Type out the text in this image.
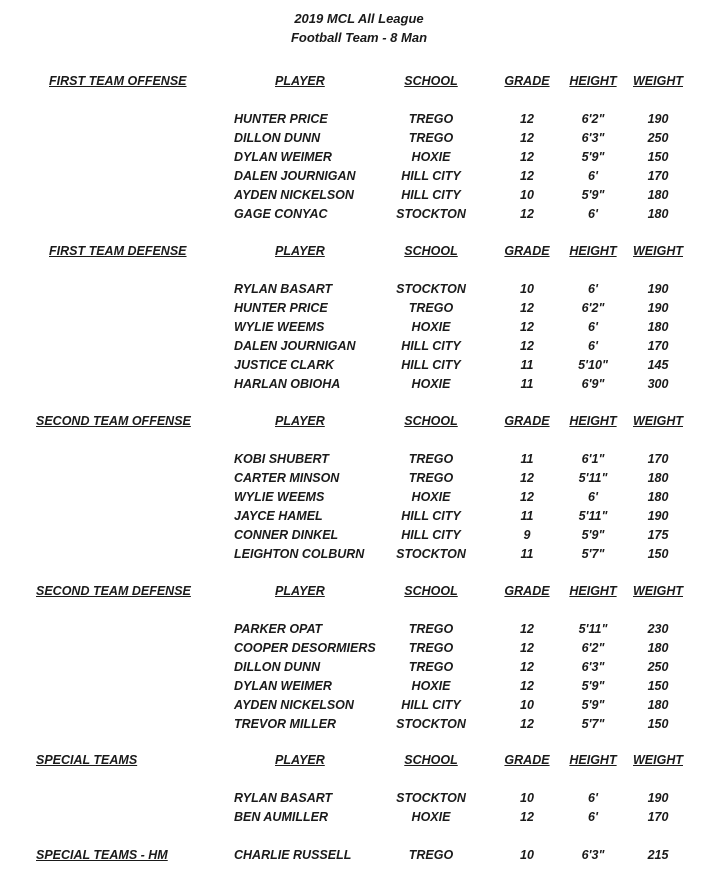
2019 MCL All League
Football Team - 8 Man
FIRST TEAM OFFENSE	PLAYER	SCHOOL	GRADE	HEIGHT	WEIGHT
HUNTER PRICE	TREGO	12	6'2"	190
DILLON DUNN	TREGO	12	6'3"	250
DYLAN WEIMER	HOXIE	12	5'9"	150
DALEN JOURNIGAN	HILL CITY	12	6'	170
AYDEN NICKELSON	HILL CITY	10	5'9"	180
GAGE CONYAC	STOCKTON	12	6'	180
FIRST TEAM DEFENSE	PLAYER	SCHOOL	GRADE	HEIGHT	WEIGHT
RYLAN BASART	STOCKTON	10	6'	190
HUNTER PRICE	TREGO	12	6'2"	190
WYLIE WEEMS	HOXIE	12	6'	180
DALEN JOURNIGAN	HILL CITY	12	6'	170
JUSTICE CLARK	HILL CITY	11	5'10"	145
HARLAN OBIOHA	HOXIE	11	6'9"	300
SECOND TEAM OFFENSE	PLAYER	SCHOOL	GRADE	HEIGHT	WEIGHT
KOBI SHUBERT	TREGO	11	6'1"	170
CARTER MINSON	TREGO	12	5'11"	180
WYLIE WEEMS	HOXIE	12	6'	180
JAYCE HAMEL	HILL CITY	11	5'11"	190
CONNER DINKEL	HILL CITY	9	5'9"	175
LEIGHTON COLBURN	STOCKTON	11	5'7"	150
SECOND TEAM DEFENSE	PLAYER	SCHOOL	GRADE	HEIGHT	WEIGHT
PARKER OPAT	TREGO	12	5'11"	230
COOPER DESORMIERS	TREGO	12	6'2"	180
DILLON DUNN	TREGO	12	6'3"	250
DYLAN WEIMER	HOXIE	12	5'9"	150
AYDEN NICKELSON	HILL CITY	10	5'9"	180
TREVOR MILLER	STOCKTON	12	5'7"	150
SPECIAL TEAMS	PLAYER	SCHOOL	GRADE	HEIGHT	WEIGHT
RYLAN BASART	STOCKTON	10	6'	190
BEN AUMILLER	HOXIE	12	6'	170
SPECIAL TEAMS - HM	CHARLIE RUSSELL	TREGO	10	6'3"	215
